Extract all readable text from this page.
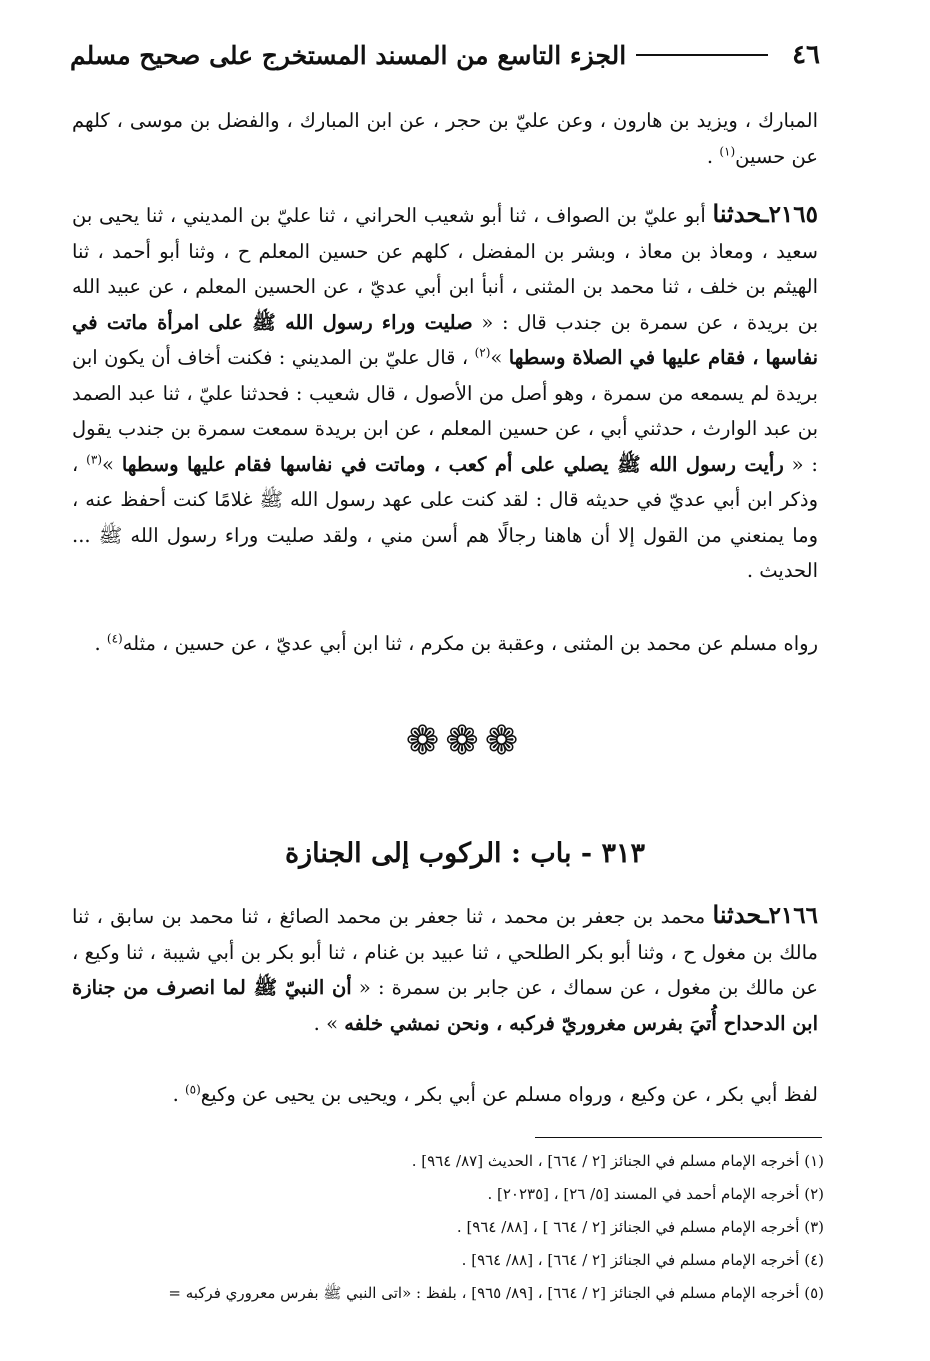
٤٦
الجزء التاسع من المسند المستخرج على صحيح مسلم
المبارك ، ويزيد بن هارون ، وعن عليّ بن حجر ، عن ابن المبارك ، والفضل بن موسى ، كلهم عن حسين$^{(١)}$ .
٢١٦٥ـحدثنا أبو عليّ بن الصواف ، ثنا أبو شعيب الحراني ، ثنا عليّ بن المديني ، ثنا يحيى بن سعيد ، ومعاذ بن معاذ ، وبشر بن المفضل ، كلهم عن حسين المعلم ح ، وثنا أبو أحمد ، ثنا الهيثم بن خلف ، ثنا محمد بن المثنى ، أنبأ ابن أبي عديّ ، عن الحسين المعلم ، عن عبيد الله بن بريدة ، عن سمرة بن جندب قال : « صليت وراء رسول الله ﷺ على امرأة ماتت في نفاسها ، فقام عليها في الصلاة وسطها »$^{(٢)}$ ، قال عليّ بن المديني : فكنت أخاف أن يكون ابن بريدة لم يسمعه من سمرة ، وهو أصل من الأصول ، قال شعيب : فحدثنا عليّ ، ثنا عبد الصمد بن عبد الوارث ، حدثني أبي ، عن حسين المعلم ، عن ابن بريدة سمعت سمرة بن جندب يقول : « رأيت رسول الله ﷺ يصلي على أم كعب ، وماتت في نفاسها فقام عليها وسطها »$^{(٣)}$ ، وذكر ابن أبي عديّ في حديثه قال : لقد كنت على عهد رسول الله ﷺ غلامًا كنت أحفظ عنه ، وما يمنعني من القول إلا أن هاهنا رجالًا هم أسن مني ، ولقد صليت وراء رسول الله ﷺ ... الحديث .
رواه مسلم عن محمد بن المثنى ، وعقبة بن مكرم ، ثنا ابن أبي عديّ ، عن حسين ، مثله$^{(٤)}$ .
❁❁❁
٣١٣ - باب : الركوب إلى الجنازة
٢١٦٦ـحدثنا محمد بن جعفر بن محمد ، ثنا جعفر بن محمد الصائغ ، ثنا محمد بن سابق ، ثنا مالك بن مغول ح ، وثنا أبو بكر الطلحي ، ثنا عبيد بن غنام ، ثنا أبو بكر بن أبي شيبة ، ثنا وكيع ، عن مالك بن مغول ، عن سماك ، عن جابر بن سمرة : « أن النبيّ ﷺ لما انصرف من جنازة ابن الدحداح أُتيَ بفرس مغروريّ فركبه ، ونحن نمشي خلفه » .
لفظ أبي بكر ، عن وكيع ، ورواه مسلم عن أبي بكر ، ويحيى بن يحيى عن وكيع$^{(٥)}$ .
(١) أخرجه الإمام مسلم في الجنائز [٢ / ٦٦٤] ، الحديث [٨٧/ ٩٦٤] .
(٢) أخرجه الإمام أحمد في المسند [٥/ ٢٦] ، [٢٠٢٣٥] .
(٣) أخرجه الإمام مسلم في الجنائز [٢ / ٦٦٤ ] ، [٨٨/ ٩٦٤] .
(٤) أخرجه الإمام مسلم في الجنائز [٢ / ٦٦٤] ، [٨٨/ ٩٦٤] .
(٥) أخرجه الإمام مسلم في الجنائز [٢ / ٦٦٤] ، [٨٩/ ٩٦٥] ، بلفظ : «اتى النبي ﷺ بفرس معروري فركبه =
